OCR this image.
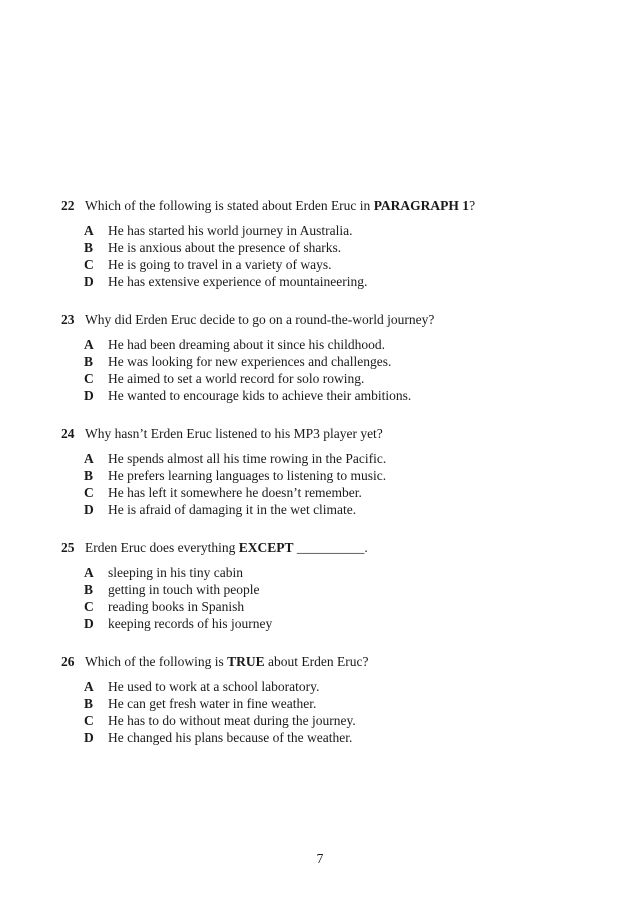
22 Which of the following is stated about Erden Eruc in PARAGRAPH 1?
A	He has started his world journey in Australia.
B	He is anxious about the presence of sharks.
C	He is going to travel in a variety of ways.
D	He has extensive experience of mountaineering.
23 Why did Erden Eruc decide to go on a round-the-world journey?
A	He had been dreaming about it since his childhood.
B	He was looking for new experiences and challenges.
C	He aimed to set a world record for solo rowing.
D	He wanted to encourage kids to achieve their ambitions.
24 Why hasn’t Erden Eruc listened to his MP3 player yet?
A	He spends almost all his time rowing in the Pacific.
B	He prefers learning languages to listening to music.
C	He has left it somewhere he doesn’t remember.
D	He is afraid of damaging it in the wet climate.
25 Erden Eruc does everything EXCEPT __________.
A	sleeping in his tiny cabin
B	getting in touch with people
C	reading books in Spanish
D	keeping records of his journey
26 Which of the following is TRUE about Erden Eruc?
A	He used to work at a school laboratory.
B	He can get fresh water in fine weather.
C	He has to do without meat during the journey.
D	He changed his plans because of the weather.
7
